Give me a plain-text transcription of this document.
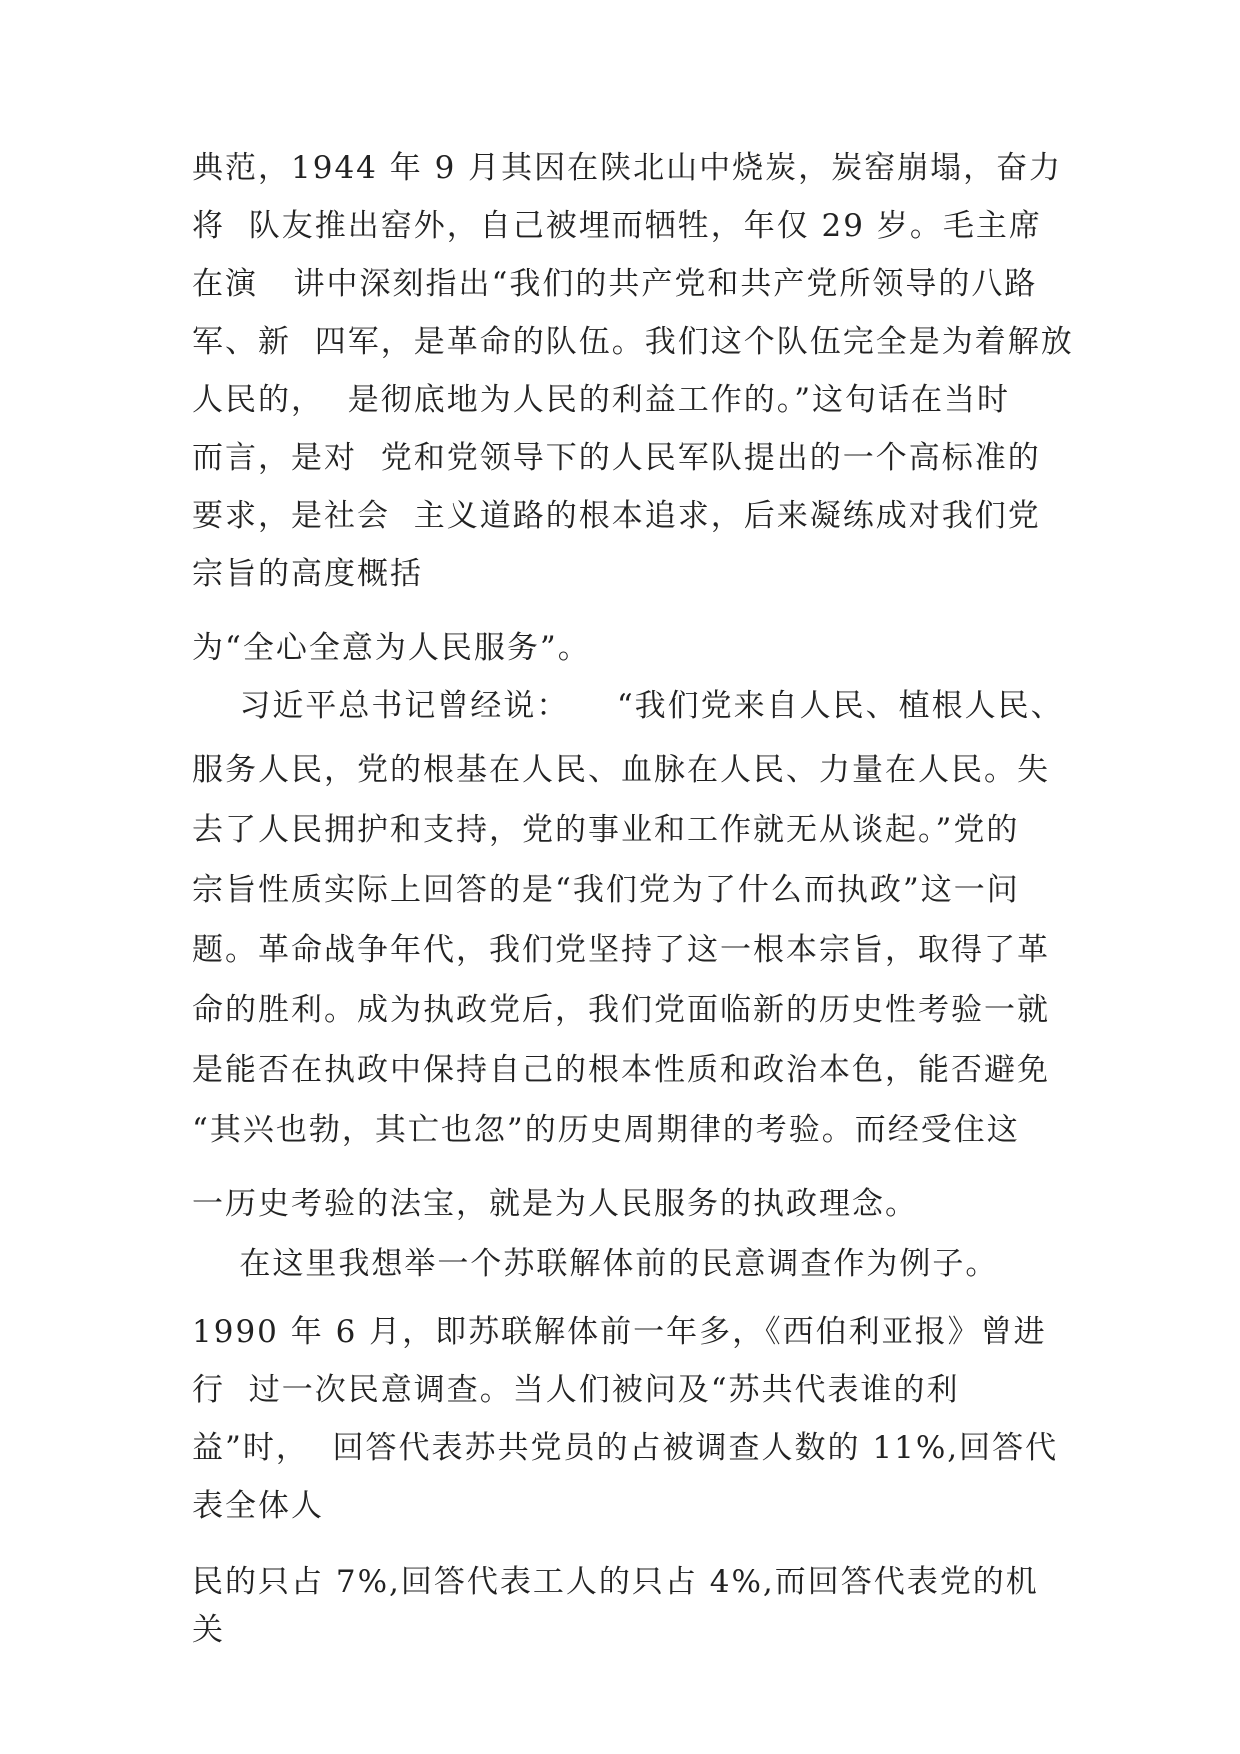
典范，1944 年 9 月其因在陕北山中烧炭，炭窑崩塌，奋力
将  队友推出窑外，自己被埋而牺牲，年仅 29 岁。毛主席
在演   讲中深刻指出“我们的共产党和共产党所领导的八路
军、新  四军，是革命的队伍。我们这个队伍完全是为着解放
人民的，  是彻底地为人民的利益工作的。”这句话在当时
而言，是对  党和党领导下的人民军队提出的一个高标准的
要求，是社会  主义道路的根本追求，后来凝练成对我们党
宗旨的高度概括
为“全心全意为人民服务”。
习近平总书记曾经说：    “我们党来自人民、植根人民、
服务人民，党的根基在人民、血脉在人民、力量在人民。失
去了人民拥护和支持，党的事业和工作就无从谈起。”党的
宗旨性质实际上回答的是“我们党为了什么而执政”这一问
题。革命战争年代，我们党坚持了这一根本宗旨，取得了革
命的胜利。成为执政党后，我们党面临新的历史性考验一就
是能否在执政中保持自己的根本性质和政治本色，能否避免
“其兴也勃，其亡也忽”的历史周期律的考验。而经受住这
一历史考验的法宝，就是为人民服务的执政理念。
在这里我想举一个苏联解体前的民意调查作为例子。
1990 年 6 月，即苏联解体前一年多，《西伯利亚报》曾进
行  过一次民意调查。当人们被问及“苏共代表谁的利
益”时，  回答代表苏共党员的占被调查人数的 11%,回答代
表全体人
民的只占 7%,回答代表工人的只占 4%,而回答代表党的机
关
